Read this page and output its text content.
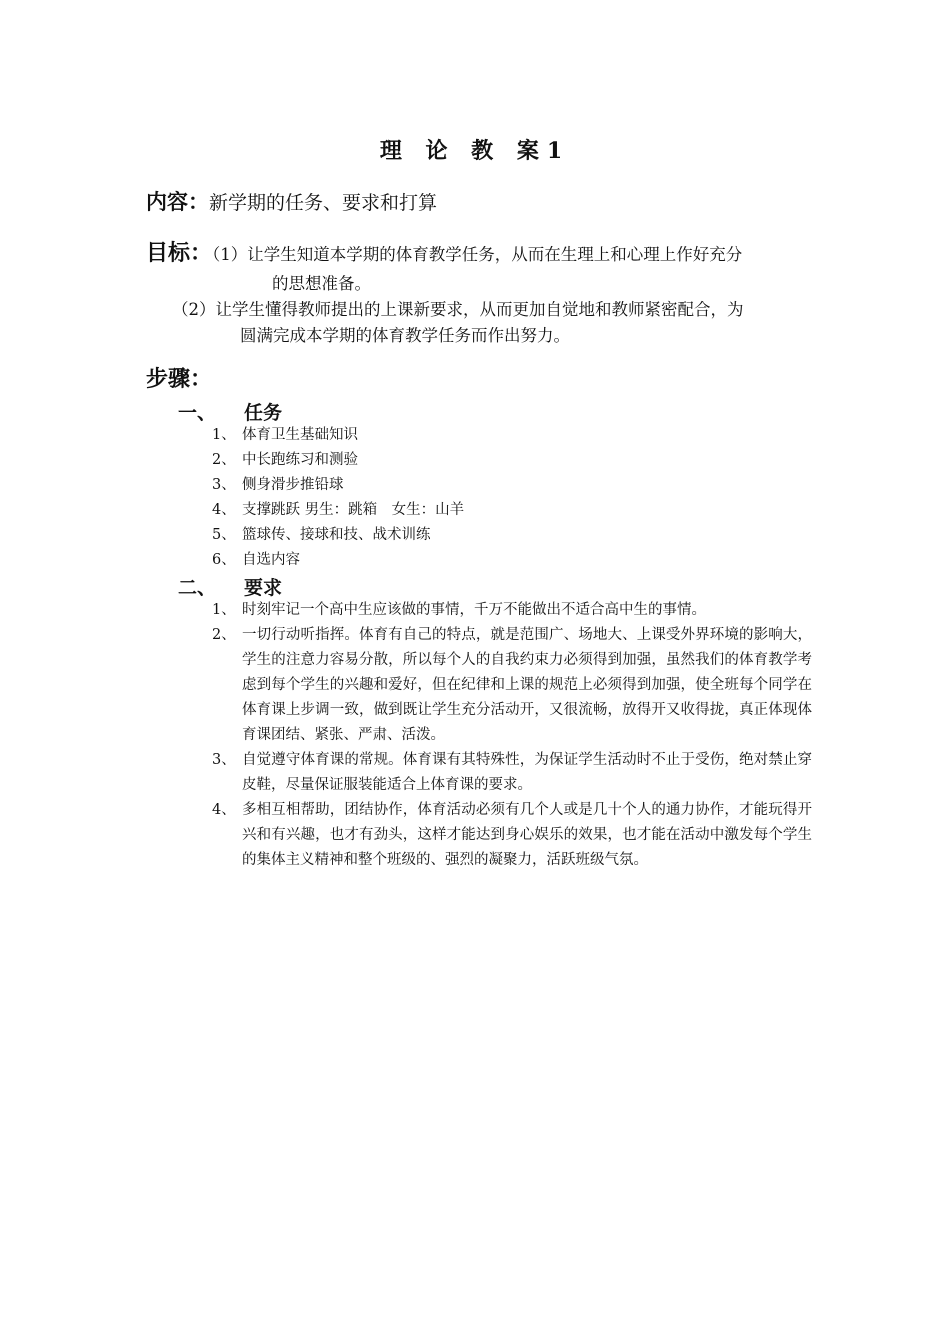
理 论 教 案1
内容：新学期的任务、要求和打算
目标：（1）让学生知道本学期的体育教学任务，从而在生理上和心理上作好充分
的思想准备。
（2）让学生懂得教师提出的上课新要求，从而更加自觉地和教师紧密配合，为
圆满完成本学期的体育教学任务而作出努力。
步骤：
一、 任务
1、 体育卫生基础知识
2、 中长跑练习和测验
3、 侧身滑步推铅球
4、 支撑跳跃 男生：跳箱　女生：山羊
5、 篮球传、接球和技、战术训练
6、 自选内容
二、 要求
1、 时刻牢记一个高中生应该做的事情，千万不能做出不适合高中生的事情。
2、 一切行动听指挥。体育有自己的特点，就是范围广、场地大、上课受外界环境的影响大，学生的注意力容易分散，所以每个人的自我约束力必须得到加强，虽然我们的体育教学考虑到每个学生的兴趣和爱好，但在纪律和上课的规范上必须得到加强，使全班每个同学在体育课上步调一致，做到既让学生充分活动开，又很流畅，放得开又收得拢，真正体现体育课团结、紧张、严肃、活泼。
3、 自觉遵守体育课的常规。体育课有其特殊性，为保证学生活动时不止于受伤，绝对禁止穿皮鞋，尽量保证服装能适合上体育课的要求。
4、 多相互相帮助，团结协作，体育活动必须有几个人或是几十个人的通力协作，才能玩得开兴和有兴趣，也才有劲头，这样才能达到身心娱乐的效果，也才能在活动中激发每个学生的集体主义精神和整个班级的、强烈的凝聚力，活跃班级气氛。
